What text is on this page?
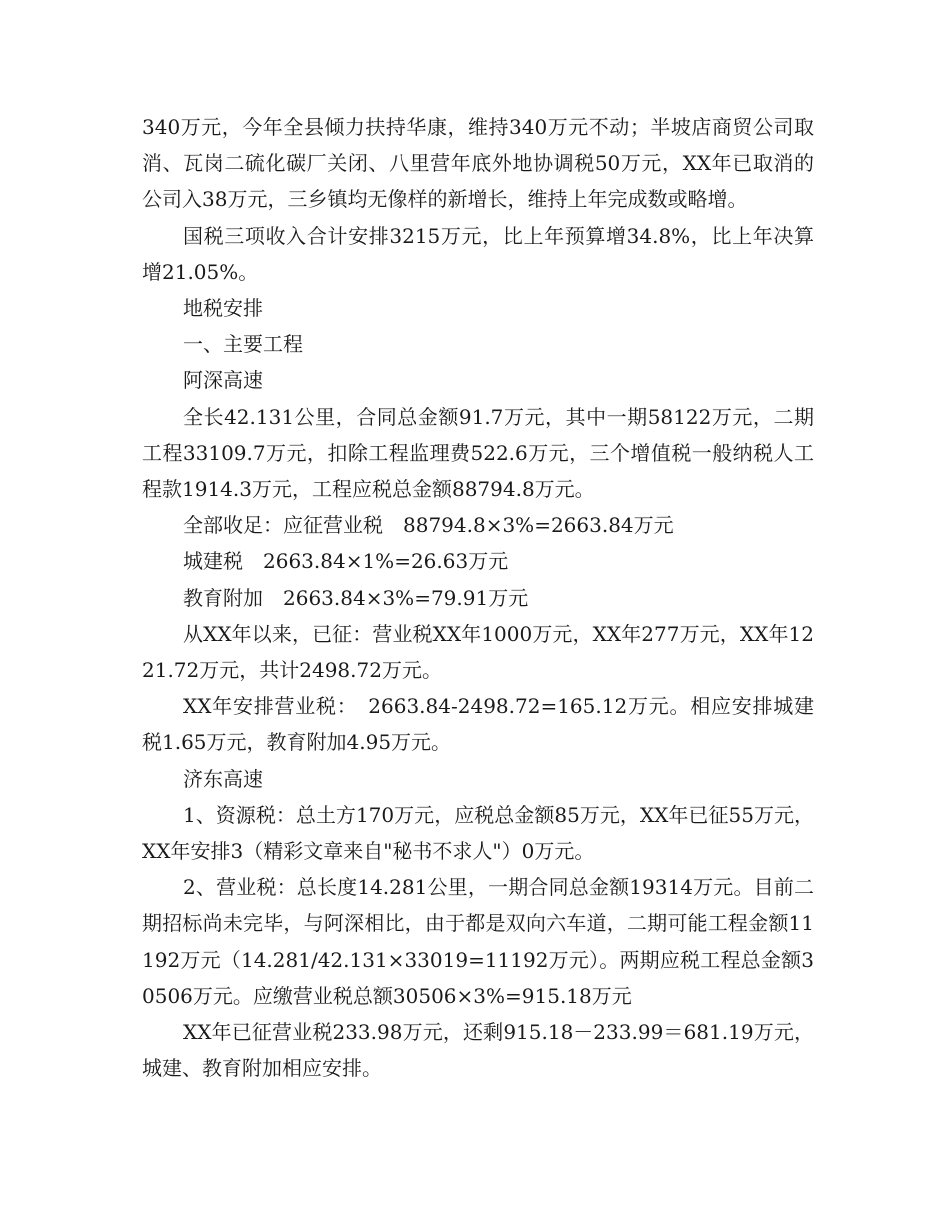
340万元，今年全县倾力扶持华康，维持340万元不动；半坡店商贸公司取消、瓦岗二硫化碳厂关闭、八里营年底外地协调税50万元，XX年已取消的公司入38万元，三乡镇均无像样的新增长，维持上年完成数或略增。

国税三项收入合计安排3215万元，比上年预算增34.8%，比上年决算增21.05%。

地税安排

一、主要工程

阿深高速

全长42.131公里，合同总金额91.7万元，其中一期58122万元，二期工程33109.7万元，扣除工程监理费522.6万元，三个增值税一般纳税人工程款1914.3万元，工程应税总金额88794.8万元。

全部收足：应征营业税　88794.8×3%=2663.84万元

城建税　2663.84×1%=26.63万元

教育附加　2663.84×3%=79.91万元

从XX年以来，已征：营业税XX年1000万元，XX年277万元，XX年1221.72万元，共计2498.72万元。

XX年安排营业税：　2663.84-2498.72=165.12万元。相应安排城建税1.65万元，教育附加4.95万元。

济东高速

1、资源税：总土方170万元，应税总金额85万元，XX年已征55万元，XX年安排3（精彩文章来自"秘书不求人"）0万元。

2、营业税：总长度14.281公里，一期合同总金额19314万元。目前二期招标尚未完毕，与阿深相比，由于都是双向六车道，二期可能工程金额11192万元（14.281/42.131×33019=11192万元）。两期应税工程总金额30506万元。应缴营业税总额30506×3%=915.18万元

XX年已征营业税233.98万元，还剩915.18－233.99＝681.19万元，城建、教育附加相应安排。
